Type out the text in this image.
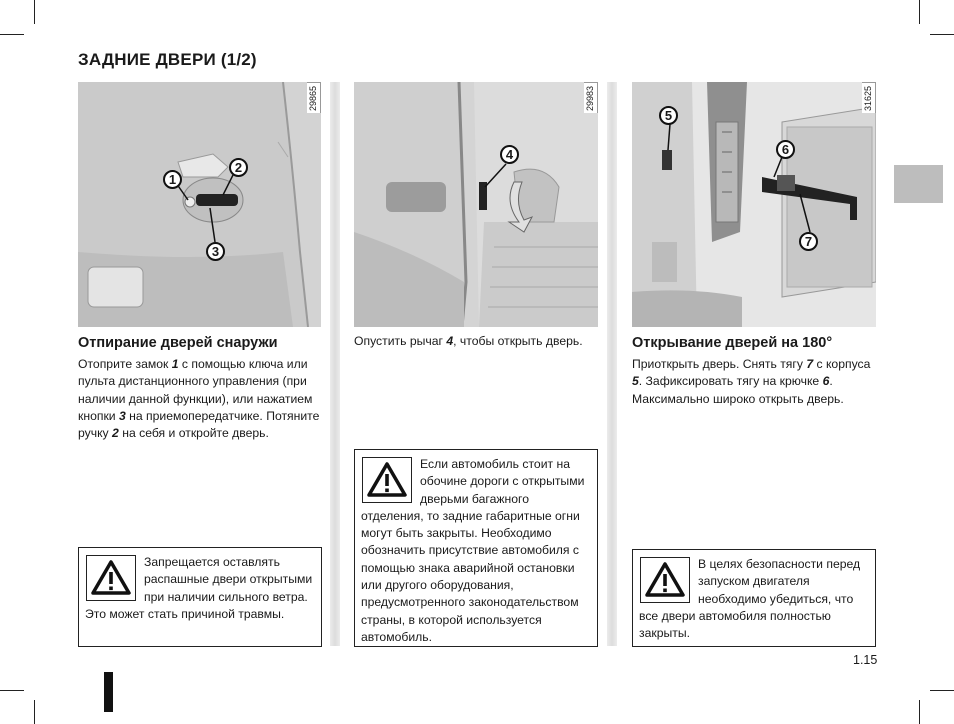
ЗАДНИЕ ДВЕРИ (1/2)
29865
1
2
3
Отпирание дверей снаружи
Отоприте замок 1 с помощью ключа или пульта дистанционного управления (при наличии данной функции), или нажатием кнопки 3 на приемопередатчике. Потяните ручку 2 на себя и откройте дверь.
Запрещается оставлять распашные двери открытыми при наличии сильного ветра. Это может стать причиной травмы.
29983
4
Опустить рычаг 4, чтобы открыть дверь.
Если автомобиль стоит на обочине дороги с открытыми дверьми багажного отделения, то задние габаритные огни могут быть закрыты. Необходимо обозначить присутствие автомобиля с помощью знака аварийной остановки или другого оборудования, предусмотренного законодательством страны, в которой используется автомобиль.
31625
5
6
7
Открывание дверей на 180°
Приоткрыть дверь. Снять тягу 7 с корпуса 5. Зафиксировать тягу на крючке 6. Максимально широко открыть дверь.
В целях безопасности перед запуском двигателя необходимо убедиться, что все двери автомобиля полностью закрыты.
1.15
